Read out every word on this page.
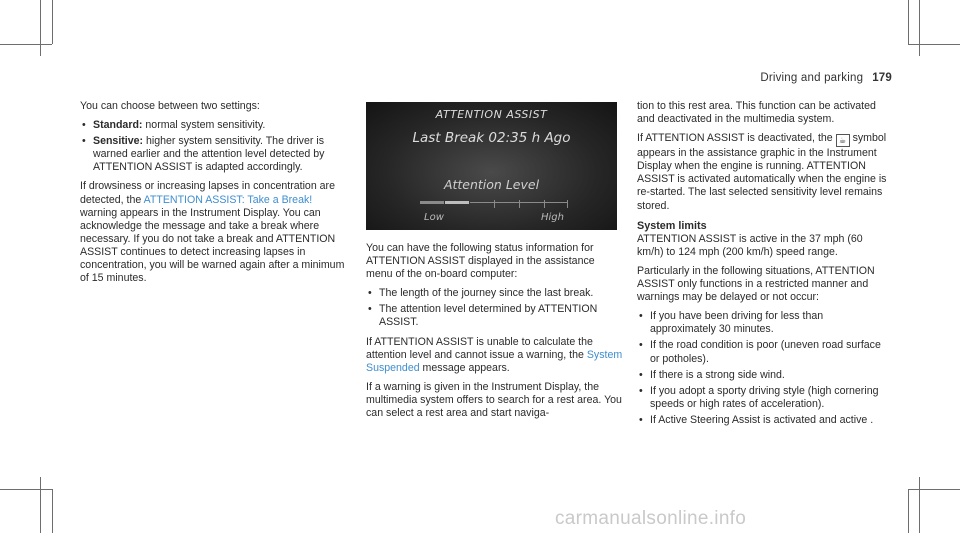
Driving and parking 179

You can choose between two settings:

• Standard: normal system sensitivity.
• Sensitive: higher system sensitivity. The driver is warned earlier and the attention level detected by ATTENTION ASSIST is adapted accordingly.

If drowsiness or increasing lapses in concentration are detected, the ATTENTION ASSIST: Take a Break! warning appears in the Instrument Display. You can acknowledge the message and take a break where necessary. If you do not take a break and ATTENTION ASSIST continues to detect increasing lapses in concentration, you will be warned again after a minimum of 15 minutes.

ATTENTION ASSIST
Last Break 02:35 h Ago
Attention Level
Low	High

You can have the following status information for ATTENTION ASSIST displayed in the assistance menu of the on-board computer:

• The length of the journey since the last break.
• The attention level determined by ATTENTION ASSIST.

If ATTENTION ASSIST is unable to calculate the attention level and cannot issue a warning, the System Suspended message appears.

If a warning is given in the Instrument Display, the multimedia system offers to search for a rest area. You can select a rest area and start naviga-

tion to this rest area. This function can be activated and deactivated in the multimedia system.

If ATTENTION ASSIST is deactivated, the ☕ symbol appears in the assistance graphic in the Instrument Display when the engine is running. ATTENTION ASSIST is activated automatically when the engine is re-started. The last selected sensitivity level remains stored.

System limits

ATTENTION ASSIST is active in the 37 mph (60 km/h) to 124 mph (200 km/h) speed range.

Particularly in the following situations, ATTENTION ASSIST only functions in a restricted manner and warnings may be delayed or not occur:

• If you have been driving for less than approximately 30 minutes.
• If the road condition is poor (uneven road surface or potholes).
• If there is a strong side wind.
• If you adopt a sporty driving style (high cornering speeds or high rates of acceleration).
• If Active Steering Assist is activated and active .
carmanualsonline.info
